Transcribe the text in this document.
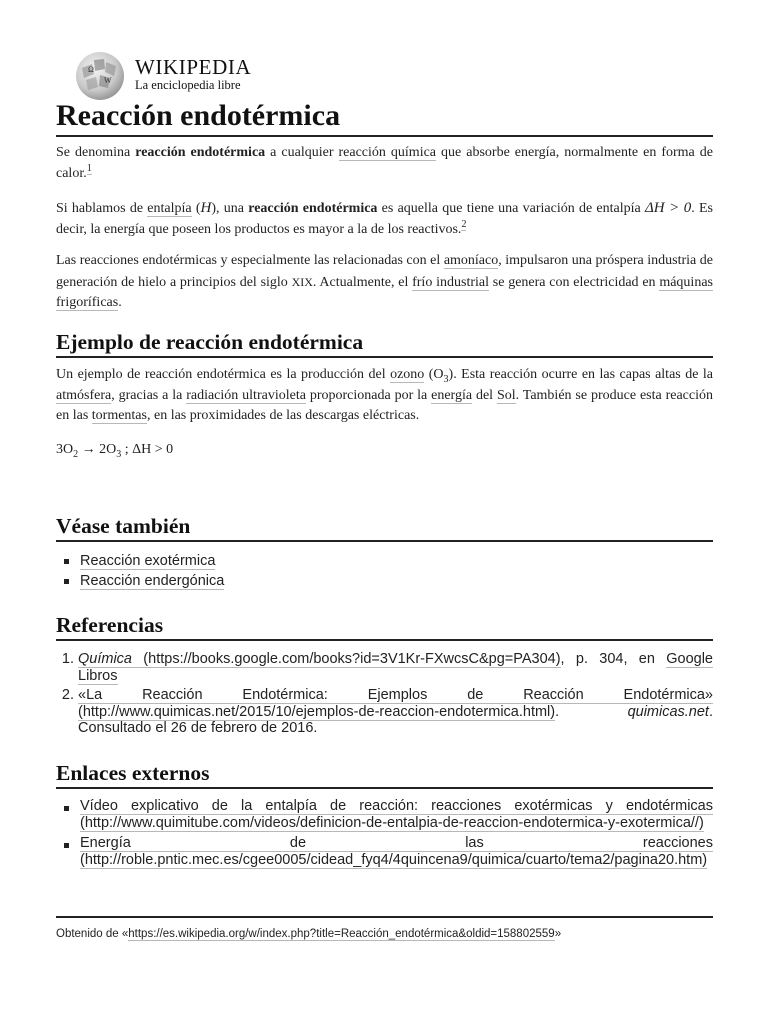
Ω
W
WIKIPEDIA
La enciclopedia libre
Reacción endotérmica

Se denomina reacción endotérmica a cualquier reacción química que absorbe energía, normalmente en forma de calor.$^1$

Si hablamos de entalpía (H), una reacción endotérmica es aquella que tiene una variación de entalpía ΔH > 0. Es decir, la energía que poseen los productos es mayor a la de los reactivos.$^2$

Las reacciones endotérmicas y especialmente las relacionadas con el amoníaco, impulsaron una próspera industria de generación de hielo a principios del siglo XIX. Actualmente, el frío industrial se genera con electricidad en máquinas frigoríficas.

Ejemplo de reacción endotérmica

Un ejemplo de reacción endotérmica es la producción del ozono $(O_3)$. Esta reacción ocurre en las capas altas de la atmósfera, gracias a la radiación ultravioleta proporcionada por la energía del Sol. También se produce esta reacción en las tormentas, en las proximidades de las descargas eléctricas.

$3O_2 \to 2O_3$ ; ΔH > 0

Véase también
Reacción exotérmica
Reacción endergónica
Referencias
1. Química (https://books.google.com/books?id=3V1Kr-FXwcsC&pg=PA304), p. 304, en Google Libros
2. «La Reacción Endotérmica: Ejemplos de Reacción Endotérmica» (http://www.quimicas.net/2015/10/ejemplos-de-reaccion-endotermica.html). quimicas.net. Consultado el 26 de febrero de 2016.
Enlaces externos
Vídeo explicativo de la entalpía de reacción: reacciones exotérmicas y endotérmicas (http://www.quimitube.com/videos/definicion-de-entalpia-de-reaccion-endotermica-y-exotermica//)
Energía de las reacciones (http://roble.pntic.mec.es/cgee0005/cidead_fyq4/4quincena9/quimica/cuarto/tema2/pagina20.htm)
Obtenido de «https://es.wikipedia.org/w/index.php?title=Reacción_endotérmica&oldid=158802559»
